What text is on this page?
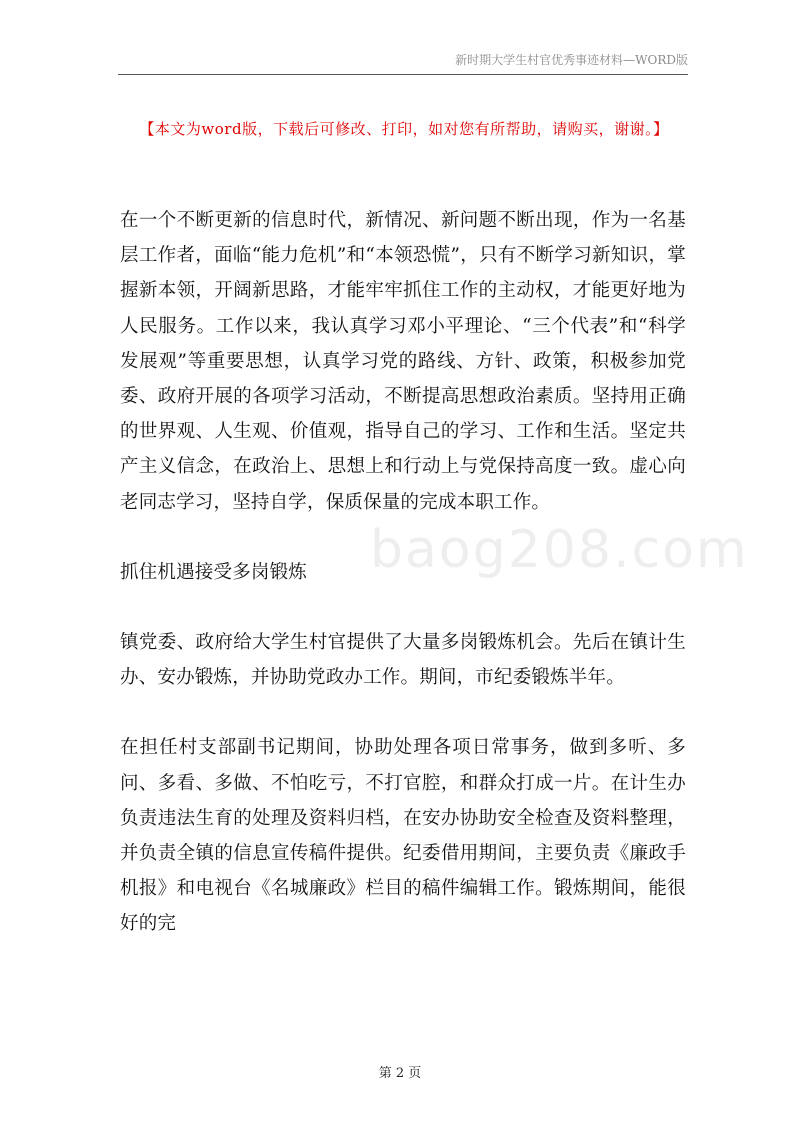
新时期大学生村官优秀事迹材料—WORD版
【本文为word版，下载后可修改、打印，如对您有所帮助，请购买，谢谢。】
baog208.com

在一个不断更新的信息时代，新情况、新问题不断出现，作为一名基层工作者，面临“能力危机”和“本领恐慌”，只有不断学习新知识，掌握新本领，开阔新思路，才能牢牢抓住工作的主动权，才能更好地为人民服务。工作以来，我认真学习邓小平理论、“三个代表”和“科学发展观”等重要思想，认真学习党的路线、方针、政策，积极参加党委、政府开展的各项学习活动，不断提高思想政治素质。坚持用正确的世界观、人生观、价值观，指导自己的学习、工作和生活。坚定共产主义信念，在政治上、思想上和行动上与党保持高度一致。虚心向老同志学习，坚持自学，保质保量的完成本职工作。

抓住机遇接受多岗锻炼

镇党委、政府给大学生村官提供了大量多岗锻炼机会。先后在镇计生办、安办锻炼，并协助党政办工作。期间，市纪委锻炼半年。

在担任村支部副书记期间，协助处理各项日常事务，做到多听、多问、多看、多做、不怕吃亏，不打官腔，和群众打成一片。在计生办负责违法生育的处理及资料归档，在安办协助安全检查及资料整理，并负责全镇的信息宣传稿件提供。纪委借用期间，主要负责《廉政手机报》和电视台《名城廉政》栏目的稿件编辑工作。锻炼期间，能很好的完

第 2 页
